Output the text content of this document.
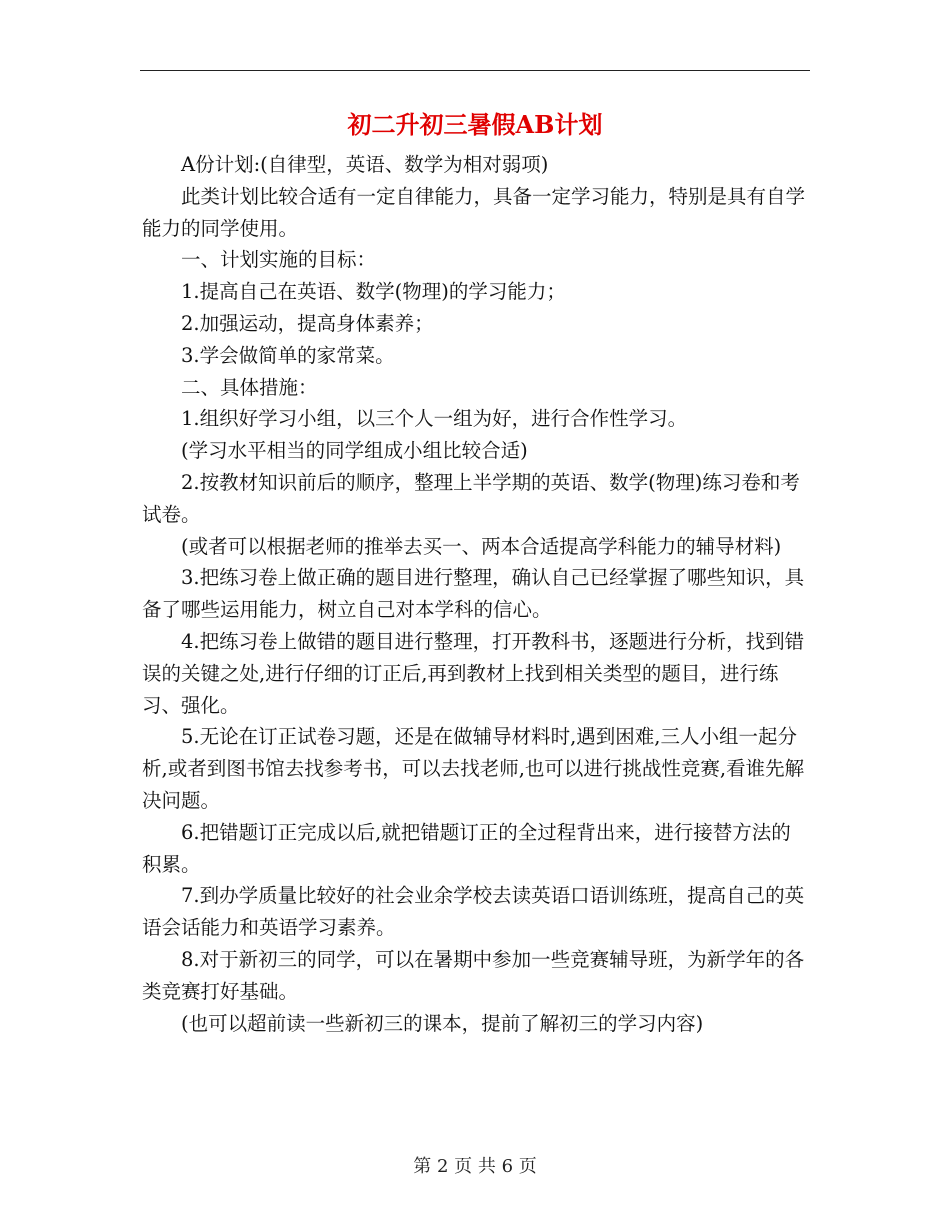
初二升初三暑假AB计划

A份计划:(自律型，英语、数学为相对弱项)

此类计划比较合适有一定自律能力，具备一定学习能力，特别是具有自学能力的同学使用。

一、计划实施的目标：

1.提高自己在英语、数学(物理)的学习能力；

2.加强运动，提高身体素养；

3.学会做简单的家常菜。

二、具体措施：

1.组织好学习小组，以三个人一组为好，进行合作性学习。

(学习水平相当的同学组成小组比较合适)

2.按教材知识前后的顺序，整理上半学期的英语、数学(物理)练习卷和考试卷。

(或者可以根据老师的推举去买一、两本合适提高学科能力的辅导材料)

3.把练习卷上做正确的题目进行整理，确认自己已经掌握了哪些知识，具备了哪些运用能力，树立自己对本学科的信心。

4.把练习卷上做错的题目进行整理，打开教科书，逐题进行分析，找到错误的关键之处,进行仔细的订正后,再到教材上找到相关类型的题目，进行练习、强化。

5.无论在订正试卷习题，还是在做辅导材料时,遇到困难,三人小组一起分析,或者到图书馆去找参考书，可以去找老师,也可以进行挑战性竞赛,看谁先解决问题。

6.把错题订正完成以后,就把错题订正的全过程背出来，进行接替方法的积累。

7.到办学质量比较好的社会业余学校去读英语口语训练班，提高自己的英语会话能力和英语学习素养。

8.对于新初三的同学，可以在暑期中参加一些竞赛辅导班，为新学年的各类竞赛打好基础。

(也可以超前读一些新初三的课本，提前了解初三的学习内容)

第 2 页 共 6 页
